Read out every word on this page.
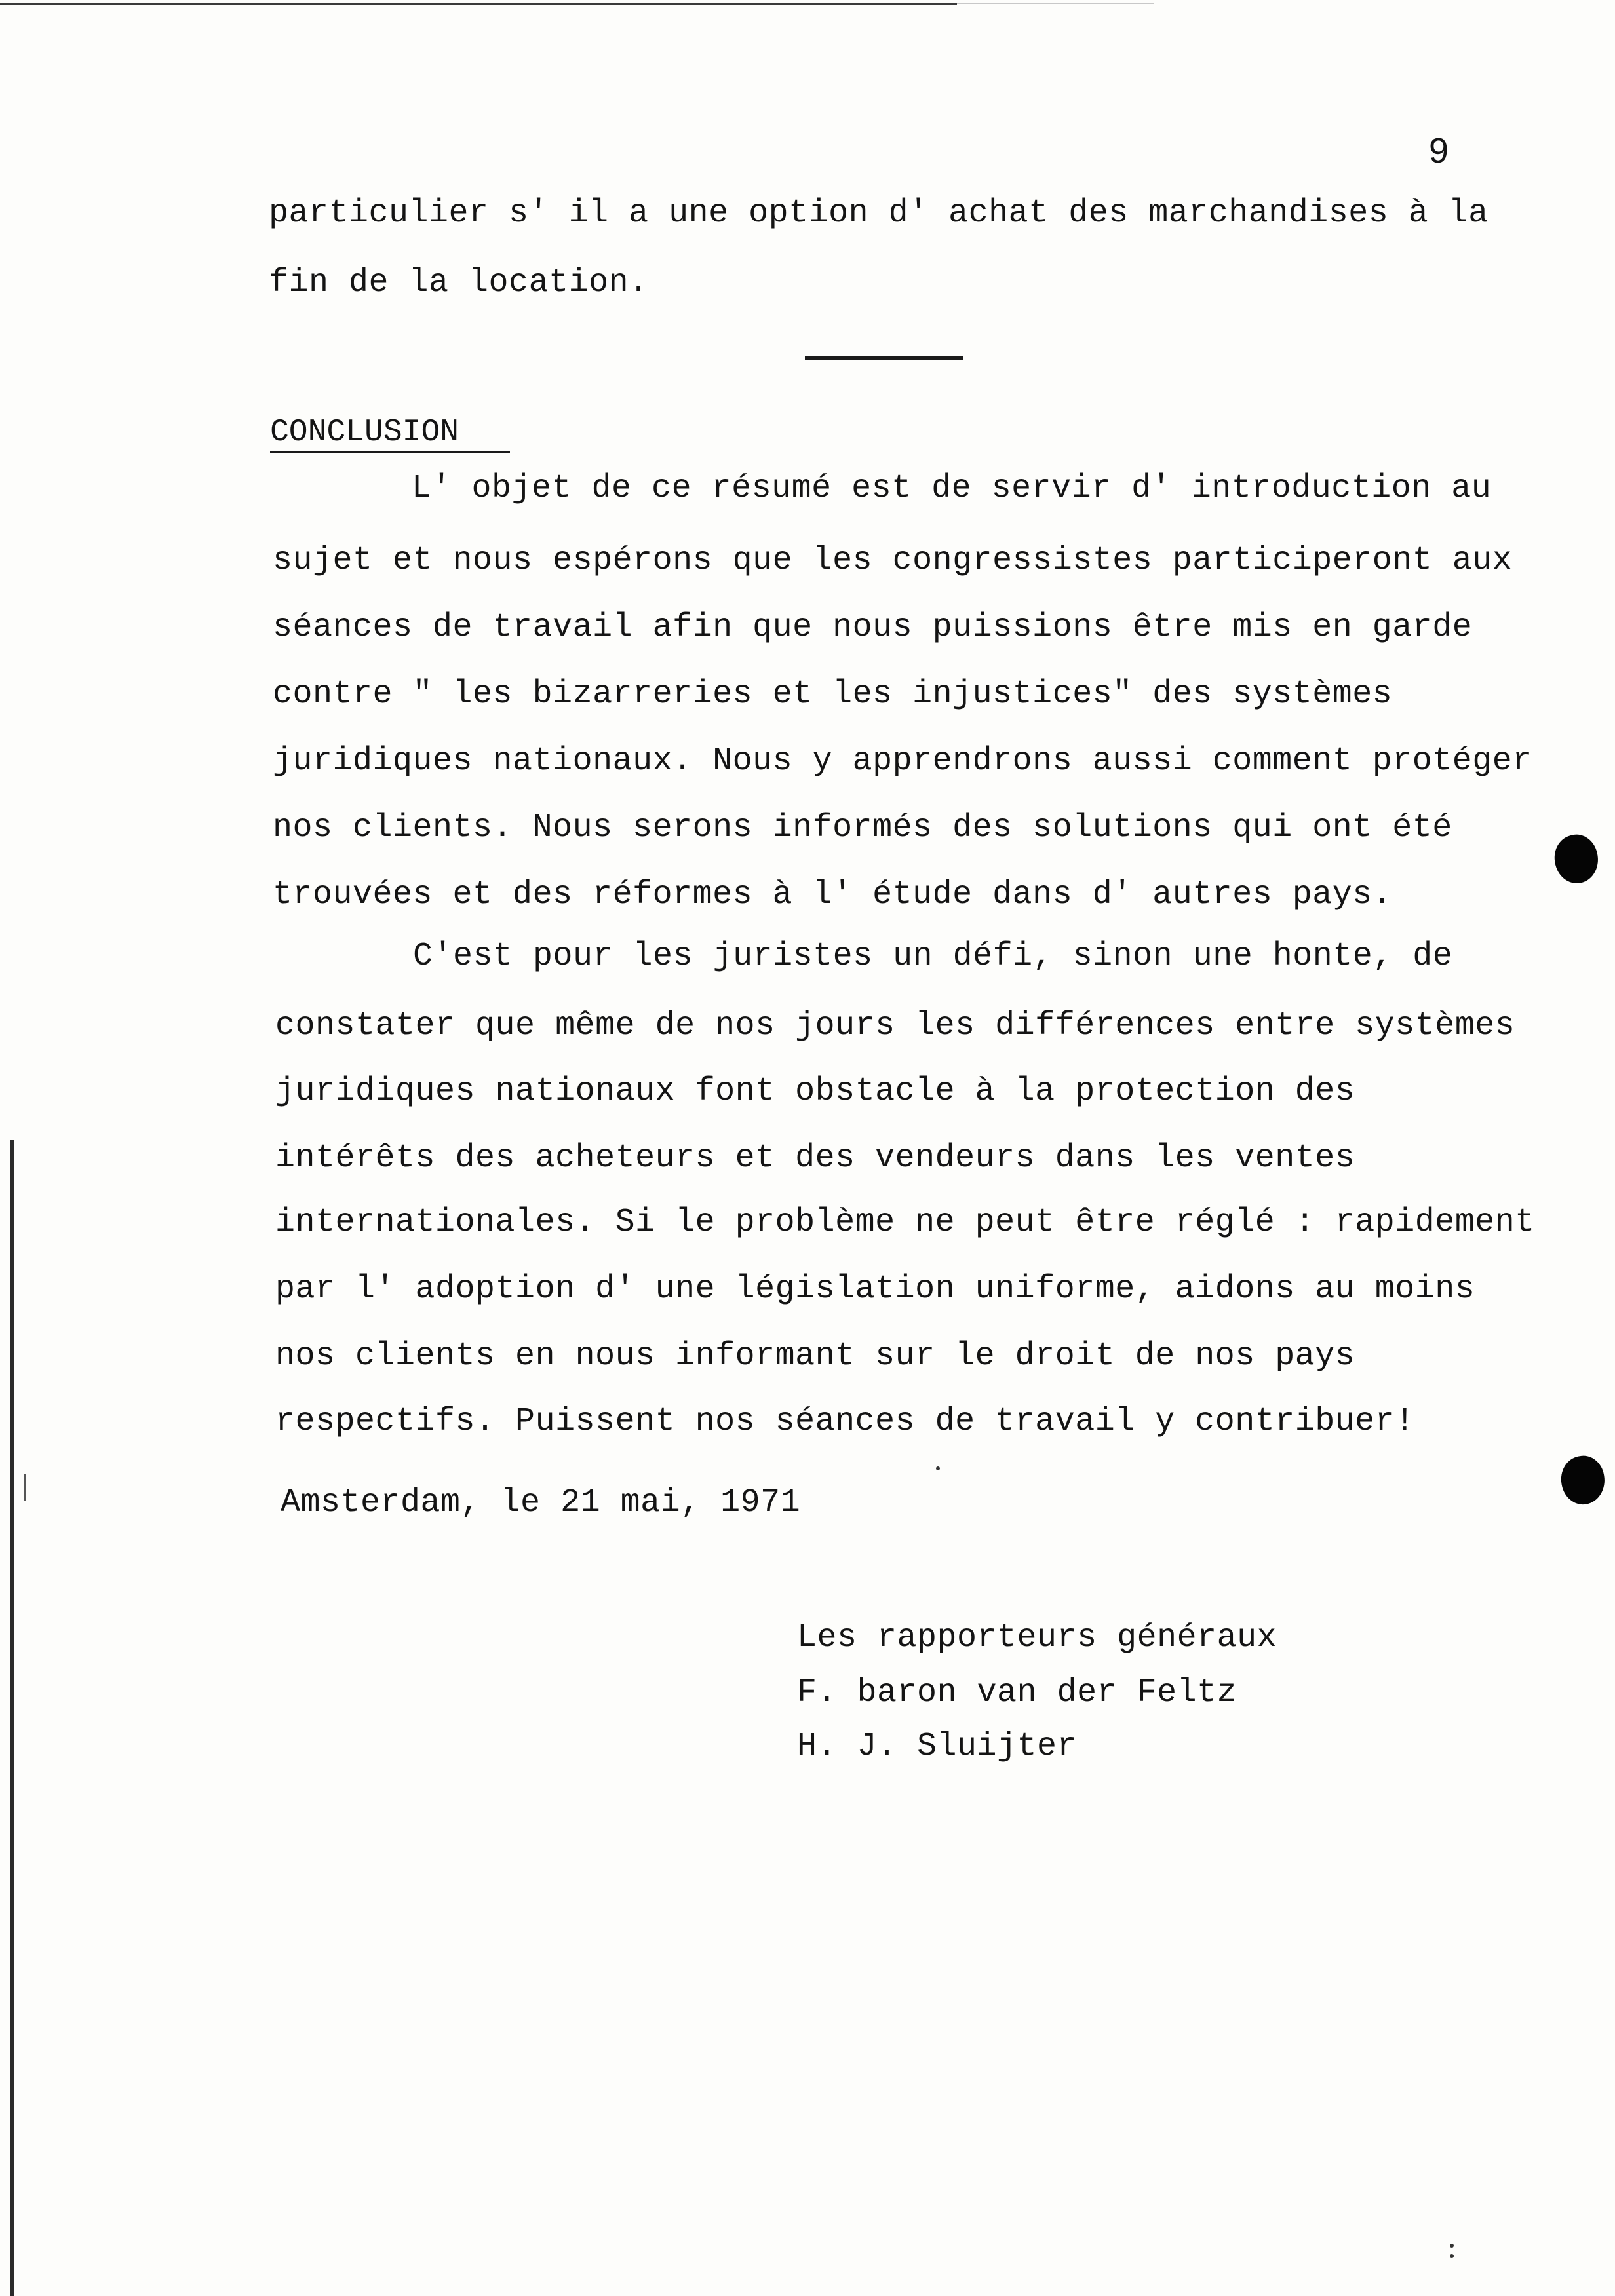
9
particulier s' il a une option d' achat des marchandises à la
fin de la location.
CONCLUSION
L' objet de ce résumé est de servir d' introduction au
sujet et nous espérons que les congressistes participeront aux
séances de travail afin que nous puissions être mis en garde
contre " les bizarreries et les injustices" des systèmes
juridiques nationaux. Nous y apprendrons aussi comment protéger
nos clients. Nous serons informés des solutions qui ont été
trouvées et des réformes à l' étude dans d' autres pays.
C'est pour les juristes un défi, sinon une honte, de
constater que même de nos jours les différences entre systèmes
juridiques nationaux font obstacle à la protection des
intérêts des acheteurs et des vendeurs dans les ventes
internationales. Si le problème ne peut être réglé : rapidement
par l' adoption d' une législation uniforme, aidons au moins
nos clients en nous informant sur le droit de nos pays
respectifs. Puissent nos séances de travail y contribuer!
Amsterdam, le 21 mai, 1971
Les rapporteurs généraux
F. baron van der Feltz
H. J. Sluijter
